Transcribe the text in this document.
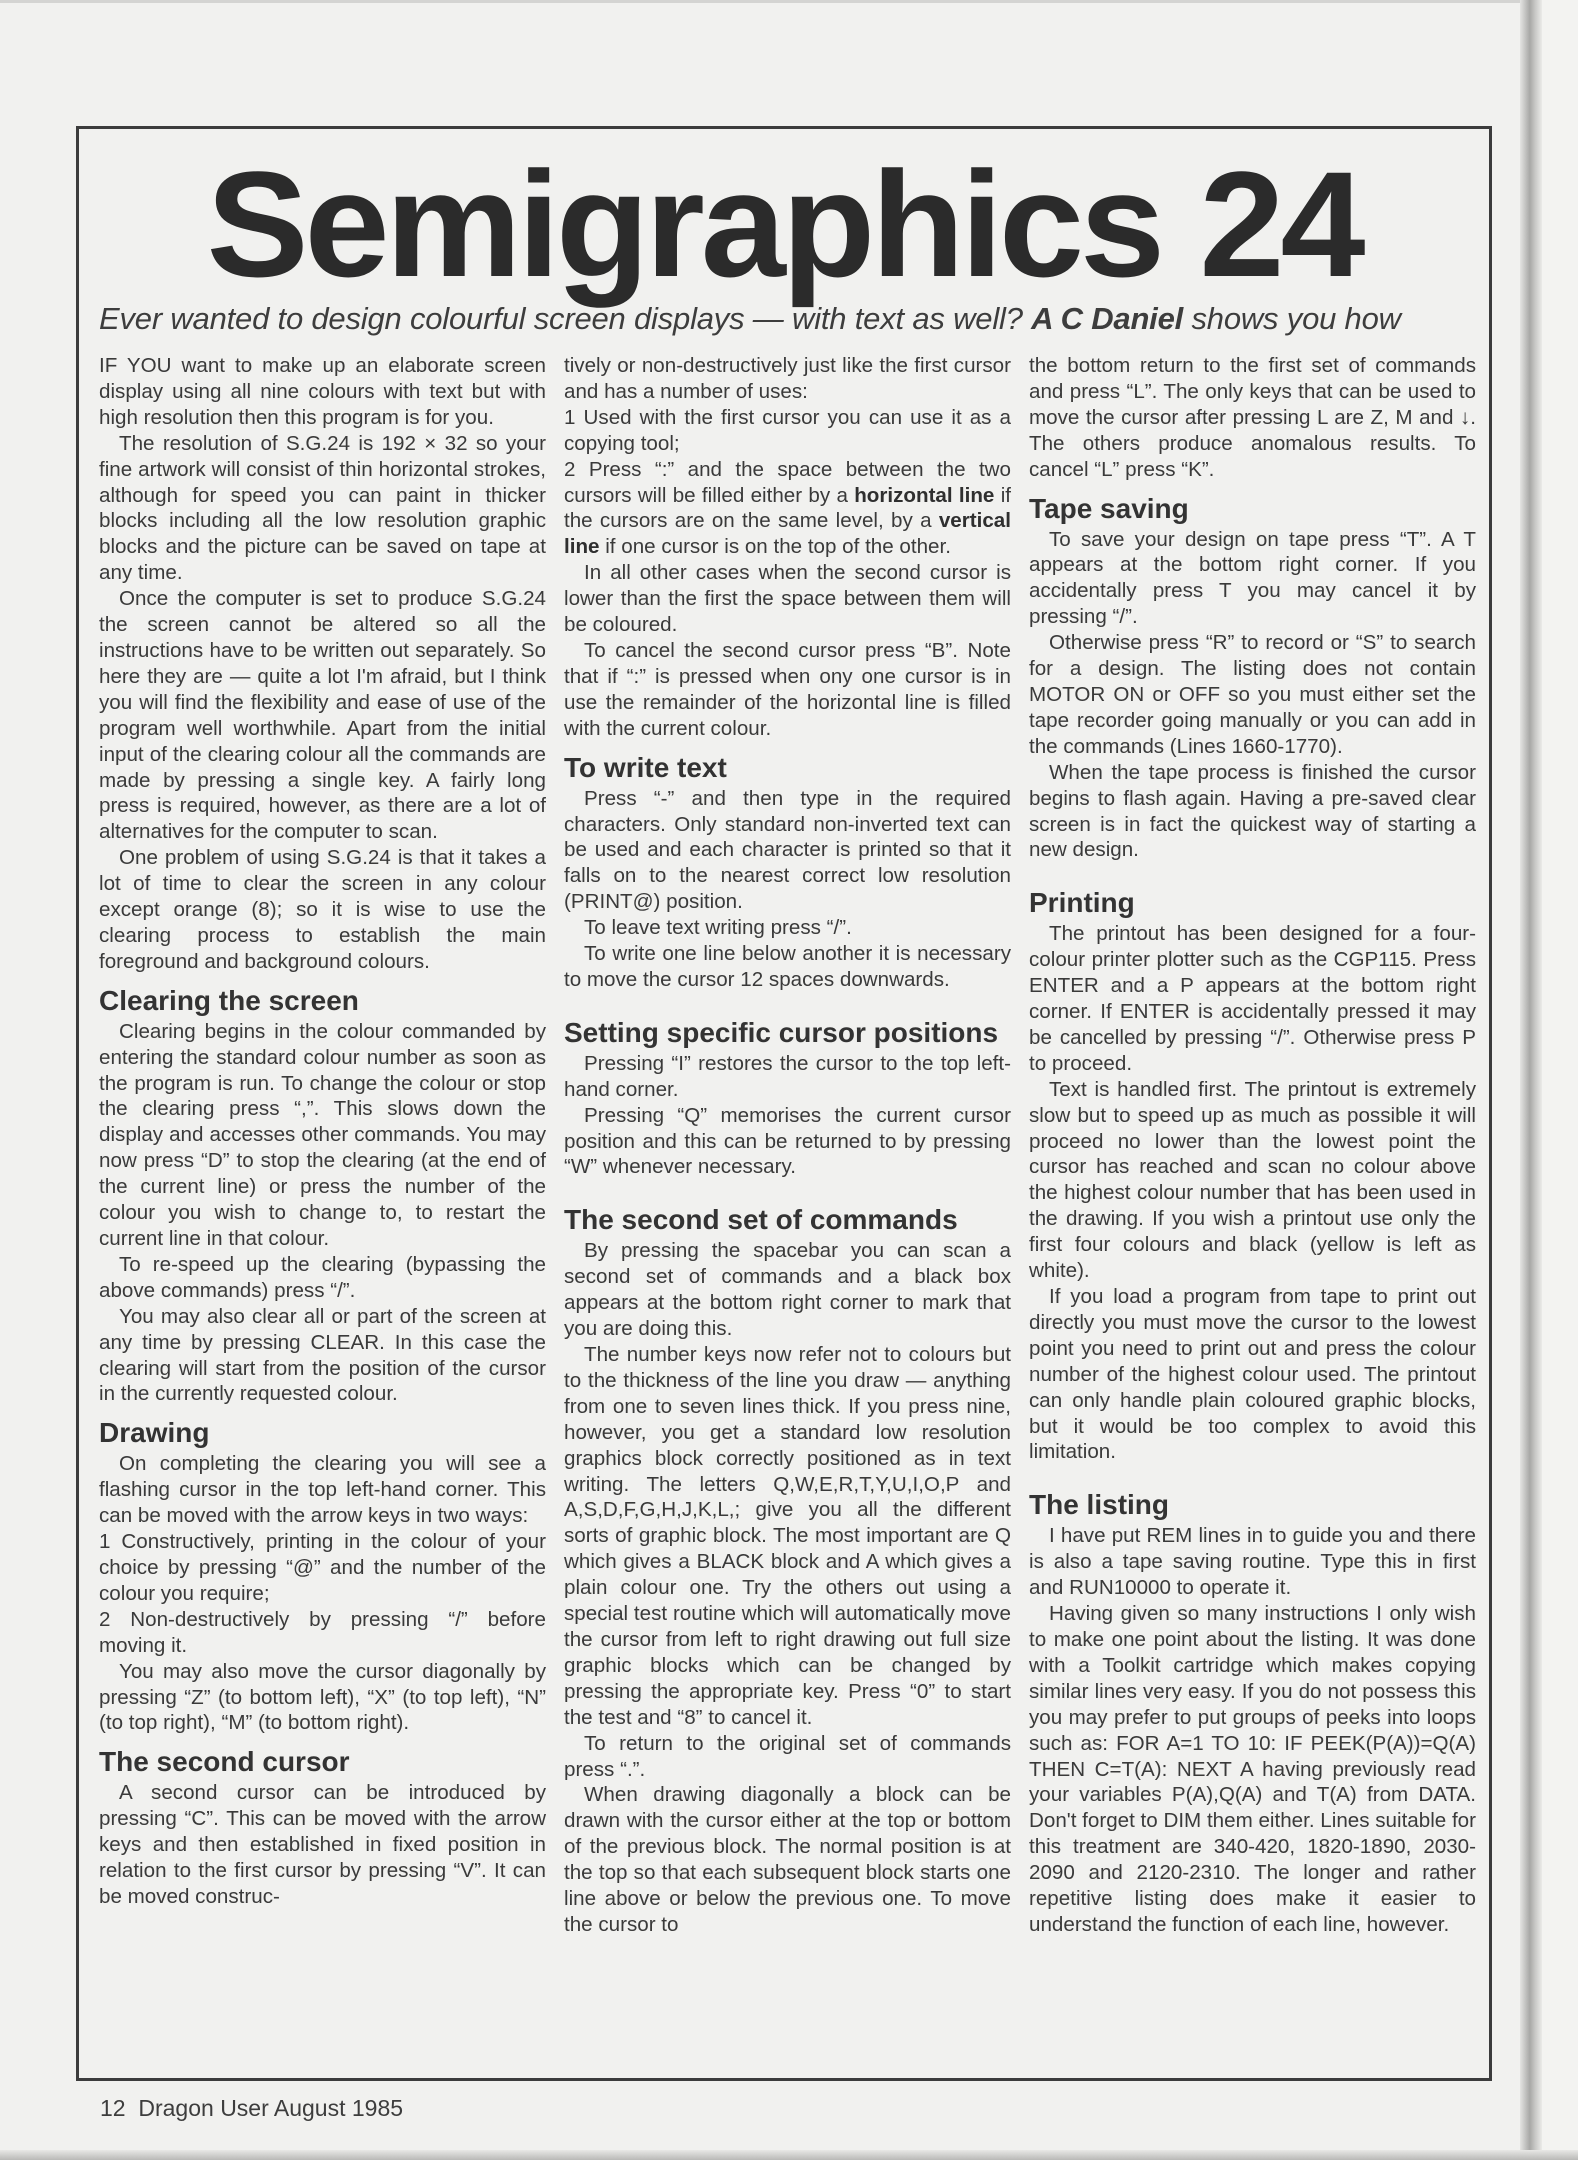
Semigraphics 24
Ever wanted to design colourful screen displays — with text as well? A C Daniel shows you how

IF YOU want to make up an elaborate screen display using all nine colours with text but with high resolution then this program is for you.

The resolution of S.G.24 is 192 × 32 so your fine artwork will consist of thin horizontal strokes, although for speed you can paint in thicker blocks including all the low resolution graphic blocks and the picture can be saved on tape at any time.

Once the computer is set to produce S.G.24 the screen cannot be altered so all the instructions have to be written out separately. So here they are — quite a lot I'm afraid, but I think you will find the flexibility and ease of use of the program well worthwhile. Apart from the initial input of the clearing colour all the commands are made by pressing a single key. A fairly long press is required, however, as there are a lot of alternatives for the computer to scan.

One problem of using S.G.24 is that it takes a lot of time to clear the screen in any colour except orange (8); so it is wise to use the clearing process to establish the main foreground and background colours.

Clearing the screen

Clearing begins in the colour commanded by entering the standard colour number as soon as the program is run. To change the colour or stop the clearing press “,”. This slows down the display and accesses other commands. You may now press “D” to stop the clearing (at the end of the current line) or press the number of the colour you wish to change to, to restart the current line in that colour.

To re-speed up the clearing (bypassing the above commands) press “/”.

You may also clear all or part of the screen at any time by pressing CLEAR. In this case the clearing will start from the position of the cursor in the currently requested colour.

Drawing

On completing the clearing you will see a flashing cursor in the top left-hand corner. This can be moved with the arrow keys in two ways:

1 Constructively, printing in the colour of your choice by pressing “@” and the number of the colour you require;

2 Non-destructively by pressing “/” before moving it.

You may also move the cursor diagonally by pressing “Z” (to bottom left), “X” (to top left), “N” (to top right), “M” (to bottom right).

The second cursor

A second cursor can be introduced by pressing “C”. This can be moved with the arrow keys and then established in fixed position in relation to the first cursor by pressing “V”. It can be moved construc-

tively or non-destructively just like the first cursor and has a number of uses:

1 Used with the first cursor you can use it as a copying tool;

2 Press “:” and the space between the two cursors will be filled either by a horizontal line if the cursors are on the same level, by a vertical line if one cursor is on the top of the other.

In all other cases when the second cursor is lower than the first the space between them will be coloured.

To cancel the second cursor press “B”. Note that if “:” is pressed when ony one cursor is in use the remainder of the horizontal line is filled with the current colour.

To write text

Press “-” and then type in the required characters. Only standard non-inverted text can be used and each character is printed so that it falls on to the nearest correct low resolution (PRINT@) position.

To leave text writing press “/”.

To write one line below another it is necessary to move the cursor 12 spaces downwards.

Setting specific cursor positions

Pressing “I” restores the cursor to the top left-hand corner.

Pressing “Q” memorises the current cursor position and this can be returned to by pressing “W” whenever necessary.

The second set of commands

By pressing the spacebar you can scan a second set of commands and a black box appears at the bottom right corner to mark that you are doing this.

The number keys now refer not to colours but to the thickness of the line you draw — anything from one to seven lines thick. If you press nine, however, you get a standard low resolution graphics block correctly positioned as in text writing. The letters Q,W,E,R,T,Y,U,I,O,P and A,S,D,F,G,H,J,K,L,; give you all the different sorts of graphic block. The most important are Q which gives a BLACK block and A which gives a plain colour one. Try the others out using a special test routine which will automatically move the cursor from left to right drawing out full size graphic blocks which can be changed by pressing the appropriate key. Press “0” to start the test and “8” to cancel it.

To return to the original set of commands press “.”.

When drawing diagonally a block can be drawn with the cursor either at the top or bottom of the previous block. The normal position is at the top so that each subsequent block starts one line above or below the previous one. To move the cursor to

the bottom return to the first set of commands and press “L”. The only keys that can be used to move the cursor after pressing L are Z, M and ↓. The others produce anomalous results. To cancel “L” press “K”.

Tape saving

To save your design on tape press “T”. A T appears at the bottom right corner. If you accidentally press T you may cancel it by pressing “/”.

Otherwise press “R” to record or “S” to search for a design. The listing does not contain MOTOR ON or OFF so you must either set the tape recorder going manually or you can add in the commands (Lines 1660-1770).

When the tape process is finished the cursor begins to flash again. Having a pre-saved clear screen is in fact the quickest way of starting a new design.

Printing

The printout has been designed for a four-colour printer plotter such as the CGP115. Press ENTER and a P appears at the bottom right corner. If ENTER is accidentally pressed it may be cancelled by pressing “/”. Otherwise press P to proceed.

Text is handled first. The printout is extremely slow but to speed up as much as possible it will proceed no lower than the lowest point the cursor has reached and scan no colour above the highest colour number that has been used in the drawing. If you wish a printout use only the first four colours and black (yellow is left as white).

If you load a program from tape to print out directly you must move the cursor to the lowest point you need to print out and press the colour number of the highest colour used. The printout can only handle plain coloured graphic blocks, but it would be too complex to avoid this limitation.

The listing

I have put REM lines in to guide you and there is also a tape saving routine. Type this in first and RUN10000 to operate it.

Having given so many instructions I only wish to make one point about the listing. It was done with a Toolkit cartridge which makes copying similar lines very easy. If you do not possess this you may prefer to put groups of peeks into loops such as: FOR A=1 TO 10: IF PEEK(P(A))=Q(A) THEN C=T(A): NEXT A having previously read your variables P(A),Q(A) and T(A) from DATA. Don't forget to DIM them either. Lines suitable for this treatment are 340-420, 1820-1890, 2030-2090 and 2120-2310. The longer and rather repetitive listing does make it easier to understand the function of each line, however.

12 Dragon User August 1985
